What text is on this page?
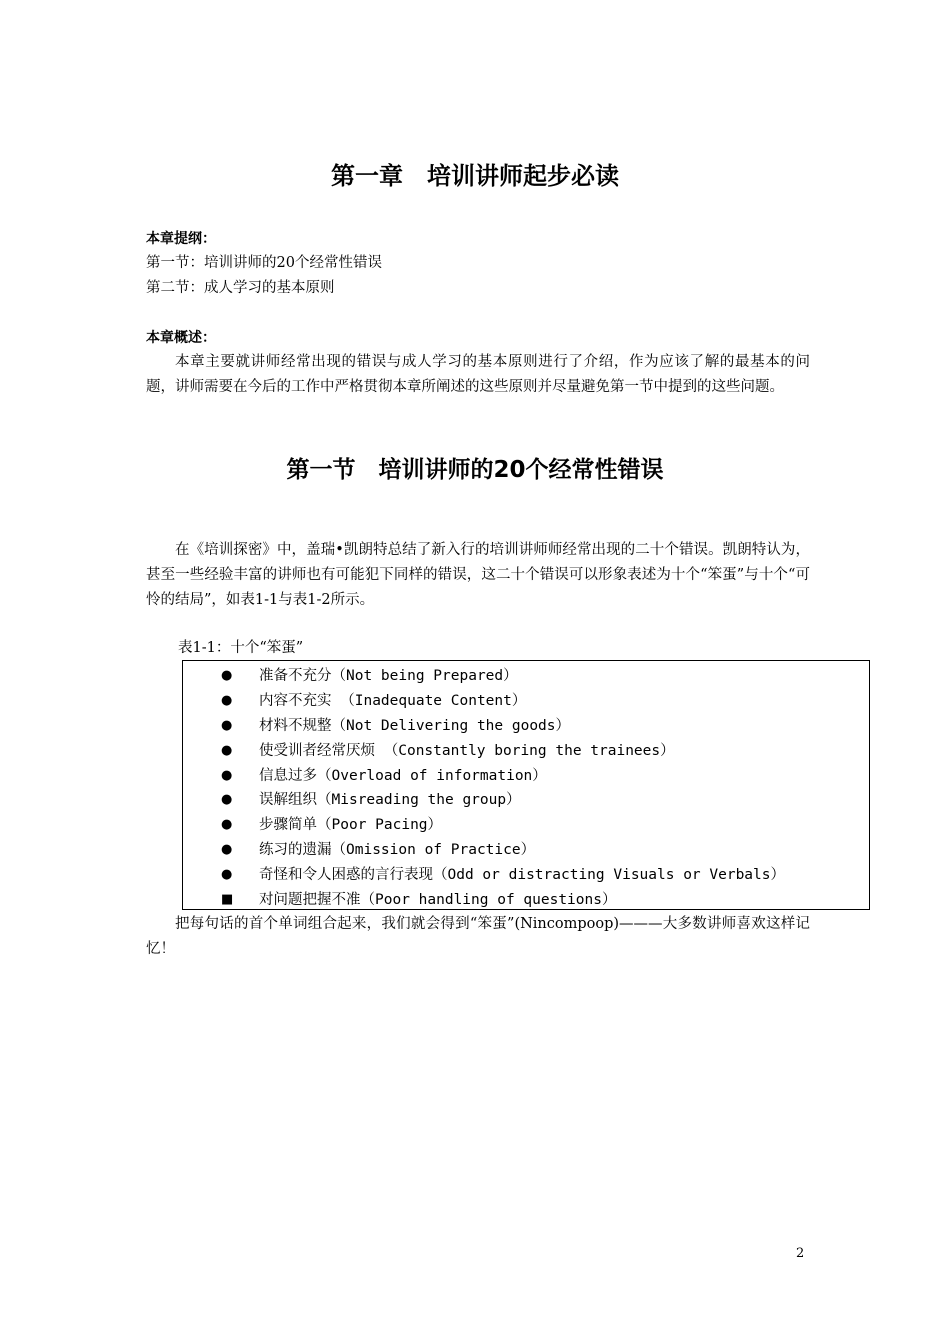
第一章　培训讲师起步必读
本章提纲：
第一节：培训讲师的20个经常性错误
第二节：成人学习的基本原则
本章概述：
本章主要就讲师经常出现的错误与成人学习的基本原则进行了介绍，作为应该了解的最基本的问题，讲师需要在今后的工作中严格贯彻本章所阐述的这些原则并尽量避免第一节中提到的这些问题。
第一节　培训讲师的20个经常性错误
在《培训探密》中，盖瑞•凯朗特总结了新入行的培训讲师师经常出现的二十个错误。凯朗特认为，甚至一些经验丰富的讲师也有可能犯下同样的错误，这二十个错误可以形象表述为十个“笨蛋”与十个“可怜的结局”，如表1-1与表1-2所示。
表1-1：十个“笨蛋”
●	准备不充分（Not being Prepared）
●	内容不充实 （Inadequate Content）
●	材料不规整（Not Delivering the goods）
●	使受训者经常厌烦 （Constantly boring the trainees）
●	信息过多（Overload of information）
●	误解组织（Misreading the group）
●	步骤简单（Poor Pacing）
●	练习的遗漏（Omission of Practice）
●	奇怪和令人困惑的言行表现（Odd or distracting Visuals or Verbals）
■	对问题把握不准（Poor handling of questions）
把每句话的首个单词组合起来，我们就会得到“笨蛋”(Nincompoop)———大多数讲师喜欢这样记忆！
2
